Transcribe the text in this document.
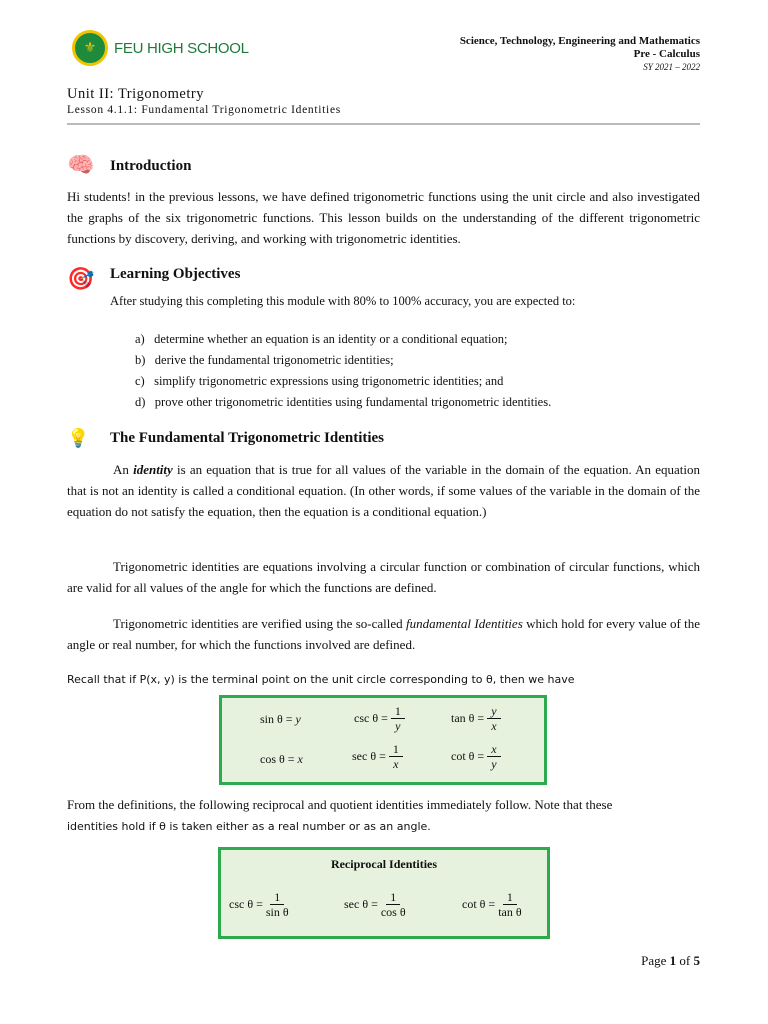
⚜	FEU HIGH SCHOOL	Science, Technology, Engineering and Mathematics
Pre - Calculus
SY 2021 – 2022
Unit II: Trigonometry
Lesson 4.1.1: Fundamental Trigonometric Identities
🧠 Introduction

Hi students! in the previous lessons, we have defined trigonometric functions using the unit circle and also investigated the graphs of the six trigonometric functions. This lesson builds on the understanding of the different trigonometric functions by discovery, deriving, and working with trigonometric identities.

🎯 Learning Objectives
After studying this completing this module with 80% to 100% accuracy, you are expected to:
a)   determine whether an equation is an identity or a conditional equation;
b)   derive the fundamental trigonometric identities;
c)   simplify trigonometric expressions using trigonometric identities; and
d)   prove other trigonometric identities using fundamental trigonometric identities.
💡 The Fundamental Trigonometric Identities

An identity is an equation that is true for all values of the variable in the domain of the equation. An equation that is not an identity is called a conditional equation. (In other words, if some values of the variable in the domain of the equation do not satisfy the equation, then the equation is a conditional equation.)

Trigonometric identities are equations involving a circular function or combination of circular functions, which are valid for all values of the angle for which the functions are defined.

Trigonometric identities are verified using the so-called fundamental Identities which hold for every value of the angle or real number, for which the functions involved are defined.

Recall that if P(x, y) is the terminal point on the unit circle corresponding to θ, then we have
sin θ = y	$\csc \theta = \frac{1}{y}$	$\tan \theta = \frac{y}{x}$
cos θ = x	$\sec \theta = \frac{1}{x}$	$\cot \theta = \frac{x}{y}$
From the definitions, the following reciprocal and quotient identities immediately follow. Note that these
identities hold if θ is taken either as a real number or as an angle.
Reciprocal Identities
$\csc \theta = \frac{1}{\text{sin θ}}$	$\sec \theta = \frac{1}{\text{cos θ}}$	$\cot \theta = \frac{1}{\text{tan θ}}$
Page 1 of 5
